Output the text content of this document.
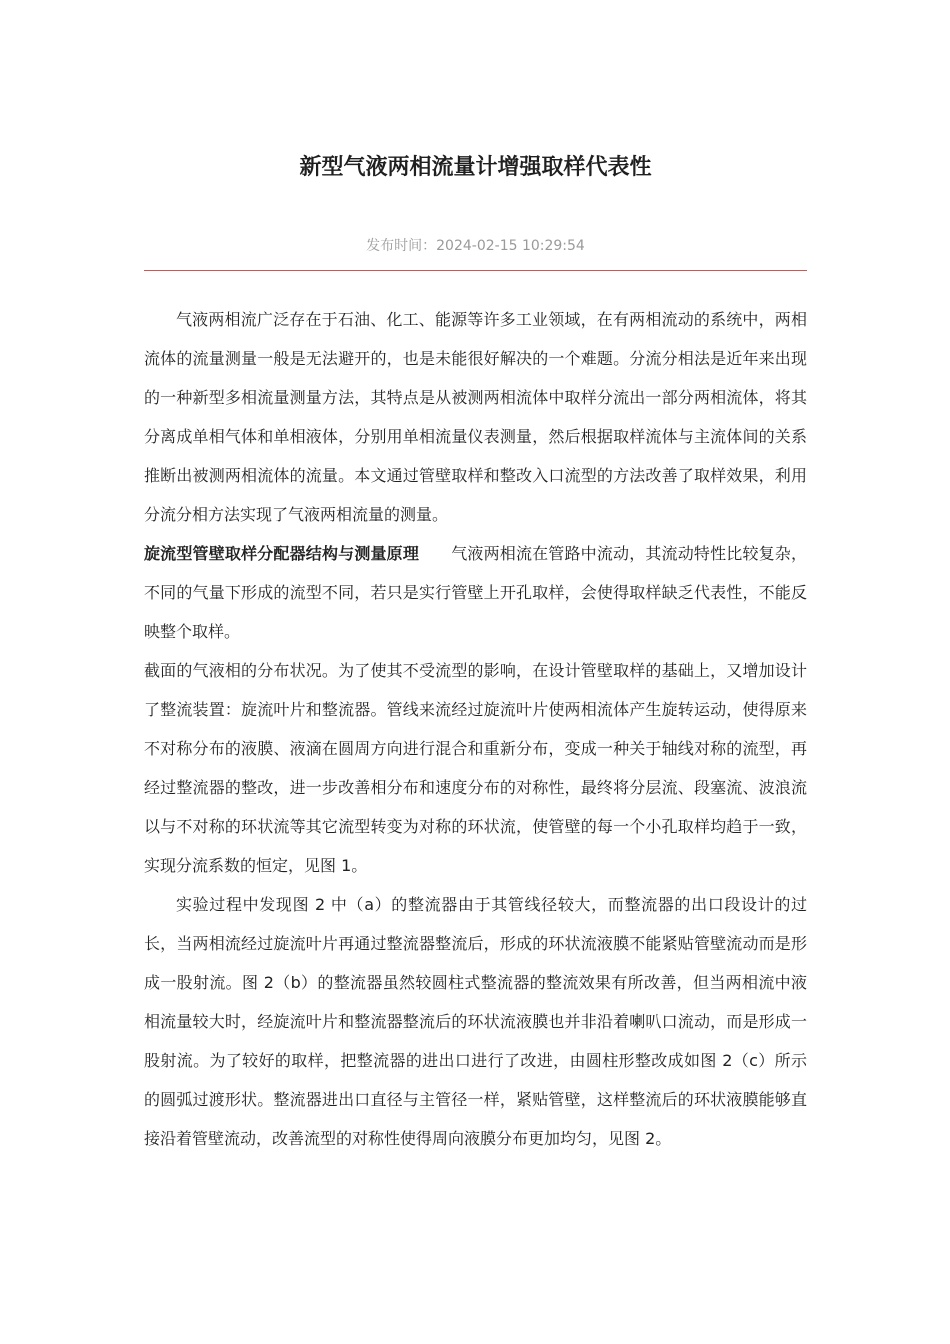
新型气液两相流量计增强取样代表性
发布时间：2024-02-15 10:29:54

气液两相流广泛存在于石油、化工、能源等许多工业领域，在有两相流动的系统中，两相流体的流量测量一般是无法避开的，也是未能很好解决的一个难题。分流分相法是近年来出现的一种新型多相流量测量方法，其特点是从被测两相流体中取样分流出一部分两相流体，将其分离成单相气体和单相液体，分别用单相流量仪表测量，然后根据取样流体与主流体间的关系推断出被测两相流体的流量。本文通过管壁取样和整改入口流型的方法改善了取样效果，利用分流分相方法实现了气液两相流量的测量。

旋流型管壁取样分配器结构与测量原理 气液两相流在管路中流动，其流动特性比较复杂，不同的气量下形成的流型不同，若只是实行管壁上开孔取样，会使得取样缺乏代表性，不能反映整个取样。

截面的气液相的分布状况。为了使其不受流型的影响，在设计管壁取样的基础上，又增加设计了整流装置：旋流叶片和整流器。管线来流经过旋流叶片使两相流体产生旋转运动，使得原来不对称分布的液膜、液滴在圆周方向进行混合和重新分布，变成一种关于轴线对称的流型，再经过整流器的整改，进一步改善相分布和速度分布的对称性，最终将分层流、段塞流、波浪流以与不对称的环状流等其它流型转变为对称的环状流，使管壁的每一个小孔取样均趋于一致，实现分流系数的恒定，见图 1。

实验过程中发现图 2 中（a）的整流器由于其管线径较大，而整流器的出口段设计的过长，当两相流经过旋流叶片再通过整流器整流后，形成的环状流液膜不能紧贴管壁流动而是形成一股射流。图 2（b）的整流器虽然较圆柱式整流器的整流效果有所改善，但当两相流中液相流量较大时，经旋流叶片和整流器整流后的环状流液膜也并非沿着喇叭口流动，而是形成一股射流。为了较好的取样，把整流器的进出口进行了改进，由圆柱形整改成如图 2（c）所示的圆弧过渡形状。整流器进出口直径与主管径一样，紧贴管壁，这样整流后的环状液膜能够直接沿着管壁流动，改善流型的对称性使得周向液膜分布更加均匀，见图 2。
